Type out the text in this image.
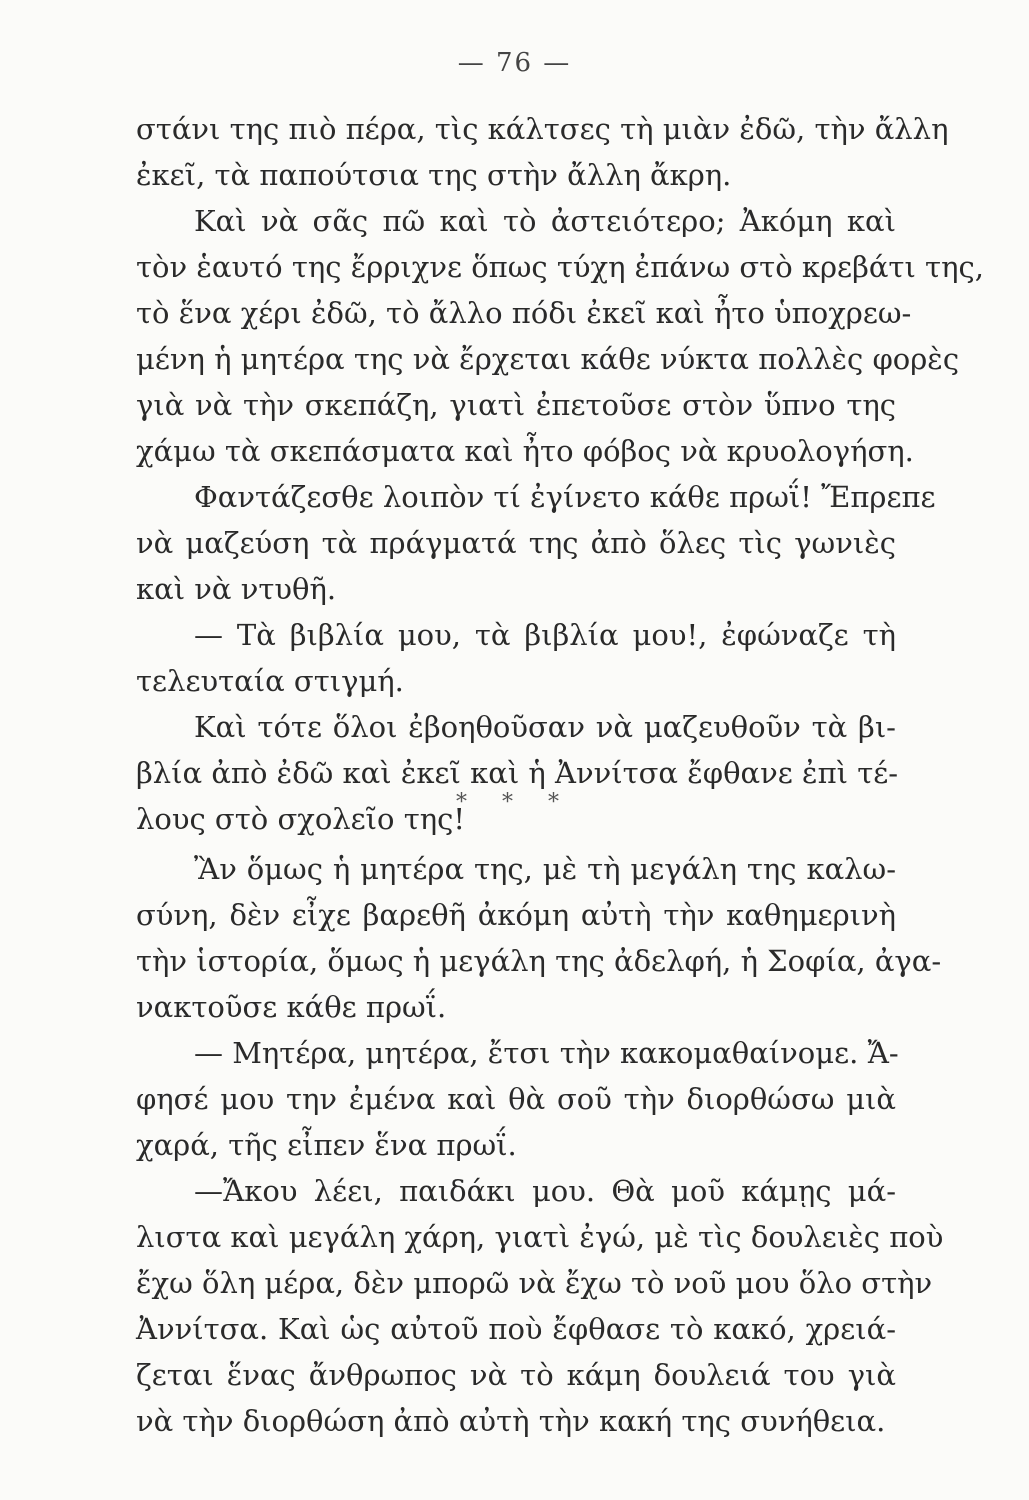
— 76 —
στάνι της πιὸ πέρα, τὶς κάλτσες τὴ μιὰν ἐδῶ, τὴν ἄλλη
ἐκεῖ, τὰ παπούτσια της στὴν ἄλλη ἄκρη.
Καὶ νὰ σᾶς πῶ καὶ τὸ ἀστειότερο; Ἀκόμη καὶ
τὸν ἑαυτό της ἔρριχνε ὅπως τύχη ἐπάνω στὸ κρεβάτι της,
τὸ ἕνα χέρι ἐδῶ, τὸ ἄλλο πόδι ἐκεῖ καὶ ἦτο ὑποχρεω-
μένη ἡ μητέρα της νὰ ἔρχεται κάθε νύκτα πολλὲς φορὲς
γιὰ νὰ τὴν σκεπάζη, γιατὶ ἐπετοῦσε στὸν ὕπνο της
χάμω τὰ σκεπάσματα καὶ ἦτο φόβος νὰ κρυολογήση.
Φαντάζεσθε λοιπὸν τί ἐγίνετο κάθε πρωΐ! Ἔπρεπε
νὰ μαζεύση τὰ πράγματά της ἀπὸ ὅλες τὶς γωνιὲς
καὶ νὰ ντυθῆ.
— Τὰ βιβλία μου, τὰ βιβλία μου!, ἐφώναζε τὴ
τελευταία στιγμή.
Καὶ τότε ὅλοι ἐβοηθοῦσαν νὰ μαζευθοῦν τὰ βι-
βλία ἀπὸ ἐδῶ καὶ ἐκεῖ καὶ ἡ Ἀννίτσα ἔφθανε ἐπὶ τέ-
λους στὸ σχολεῖο της!
* * *
Ἂν ὅμως ἡ μητέρα της, μὲ τὴ μεγάλη της καλω-
σύνη, δὲν εἶχε βαρεθῆ ἀκόμη αὐτὴ τὴν καθημερινὴ
τὴν ἱστορία, ὅμως ἡ μεγάλη της ἀδελφή, ἡ Σοφία, ἀγα-
νακτοῦσε κάθε πρωΐ.
— Μητέρα, μητέρα, ἔτσι τὴν κακομαθαίνομε. Ἄ-
φησέ μου την ἐμένα καὶ θὰ σοῦ τὴν διορθώσω μιὰ
χαρά, τῆς εἶπεν ἕνα πρωΐ.
—Ἄκου λέει, παιδάκι μου. Θὰ μοῦ κάμῃς μά-
λιστα καὶ μεγάλη χάρη, γιατὶ ἐγώ, μὲ τὶς δουλειὲς ποὺ
ἔχω ὅλη μέρα, δὲν μπορῶ νὰ ἔχω τὸ νοῦ μου ὅλο στὴν
Ἀννίτσα. Καὶ ὡς αὐτοῦ ποὺ ἔφθασε τὸ κακό, χρειά-
ζεται ἕνας ἄνθρωπος νὰ τὸ κάμη δουλειά του γιὰ
νὰ τὴν διορθώση ἀπὸ αὐτὴ τὴν κακή της συνήθεια.
